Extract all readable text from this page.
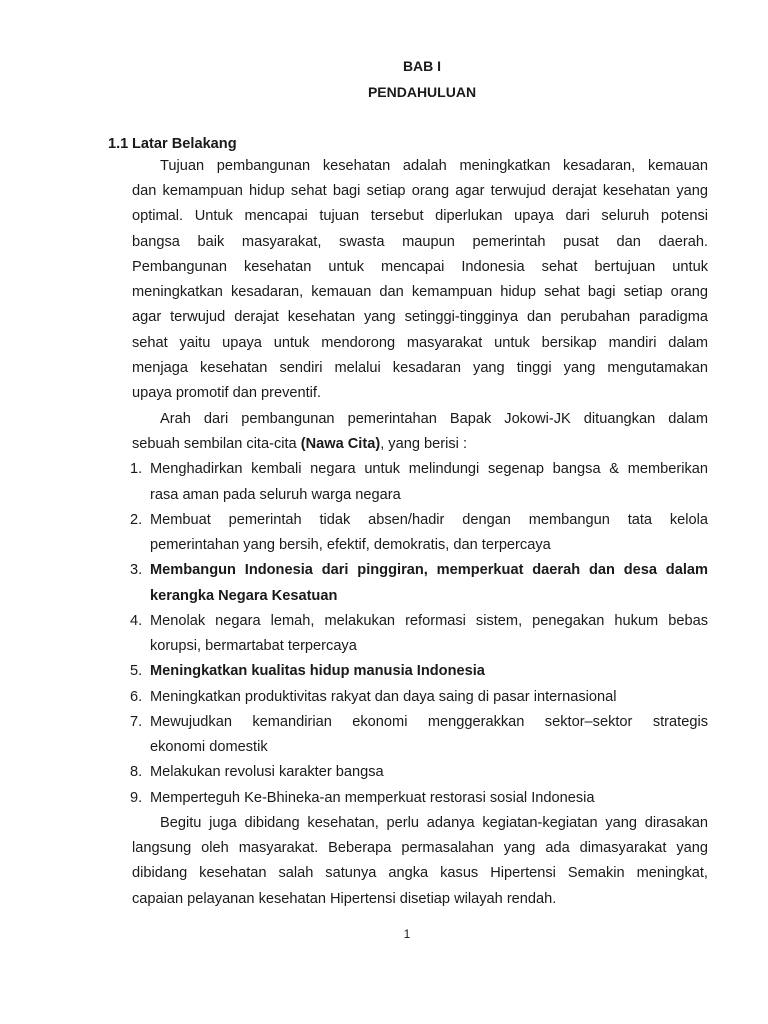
BAB I
PENDAHULUAN
1.1 Latar Belakang
Tujuan pembangunan kesehatan adalah meningkatkan kesadaran, kemauan
dan kemampuan hidup sehat bagi setiap orang agar terwujud derajat kesehatan yang
optimal. Untuk mencapai tujuan tersebut diperlukan upaya dari seluruh potensi
bangsa baik masyarakat, swasta maupun pemerintah pusat dan daerah.
Pembangunan kesehatan untuk mencapai Indonesia sehat bertujuan untuk
meningkatkan kesadaran, kemauan dan kemampuan hidup sehat bagi setiap orang
agar terwujud derajat kesehatan yang setinggi-tingginya dan perubahan paradigma
sehat yaitu upaya untuk mendorong masyarakat untuk bersikap mandiri dalam
menjaga kesehatan sendiri melalui kesadaran yang tinggi yang mengutamakan
upaya promotif dan preventif.
Arah dari pembangunan pemerintahan Bapak Jokowi-JK dituangkan dalam
sebuah sembilan cita-cita (Nawa Cita), yang berisi :
1. Menghadirkan kembali negara untuk melindungi segenap bangsa & memberikan
rasa aman pada seluruh warga negara
2. Membuat pemerintah tidak absen/hadir dengan membangun tata kelola
pemerintahan yang bersih, efektif, demokratis, dan terpercaya
3. Membangun Indonesia dari pinggiran, memperkuat daerah dan desa dalam
kerangka Negara Kesatuan
4. Menolak negara lemah, melakukan reformasi sistem, penegakan hukum bebas
korupsi, bermartabat terpercaya
5. Meningkatkan kualitas hidup manusia Indonesia
6. Meningkatkan produktivitas rakyat dan daya saing di pasar internasional
7. Mewujudkan kemandirian ekonomi menggerakkan sektor–sektor strategis
ekonomi domestik
8. Melakukan revolusi karakter bangsa
9. Memperteguh Ke-Bhineka-an memperkuat restorasi sosial Indonesia
Begitu juga dibidang kesehatan, perlu adanya kegiatan-kegiatan yang dirasakan
langsung oleh masyarakat. Beberapa permasalahan yang ada dimasyarakat yang
dibidang kesehatan salah satunya angka kasus Hipertensi Semakin meningkat,
capaian pelayanan kesehatan Hipertensi disetiap wilayah rendah.
1
